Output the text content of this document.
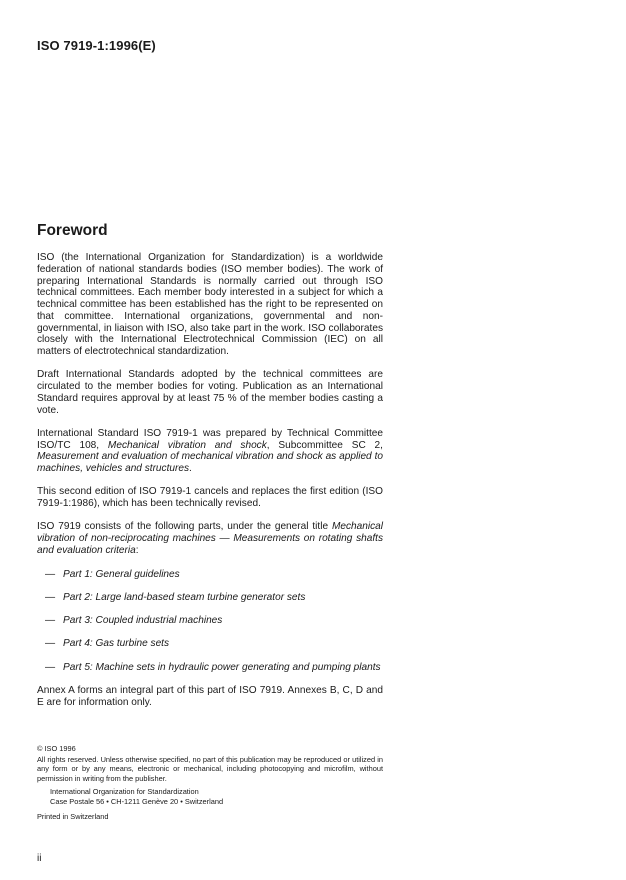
ISO 7919-1:1996(E)
Foreword

ISO (the International Organization for Standardization) is a worldwide federation of national standards bodies (ISO member bodies). The work of preparing International Standards is normally carried out through ISO technical committees. Each member body interested in a subject for which a technical committee has been established has the right to be represented on that committee. International organizations, governmental and non-governmental, in liaison with ISO, also take part in the work. ISO collaborates closely with the International Electrotechnical Commission (IEC) on all matters of electrotechnical standardization.

Draft International Standards adopted by the technical committees are circulated to the member bodies for voting. Publication as an International Standard requires approval by at least 75 % of the member bodies casting a vote.

International Standard ISO 7919-1 was prepared by Technical Committee ISO/TC 108, Mechanical vibration and shock, Subcommittee SC 2, Measurement and evaluation of mechanical vibration and shock as applied to machines, vehicles and structures.

This second edition of ISO 7919-1 cancels and replaces the first edition (ISO 7919-1:1986), which has been technically revised.

ISO 7919 consists of the following parts, under the general title Mechanical vibration of non-reciprocating machines — Measurements on rotating shafts and evaluation criteria:

— Part 1: General guidelines
— Part 2: Large land-based steam turbine generator sets
— Part 3: Coupled industrial machines
— Part 4: Gas turbine sets
— Part 5: Machine sets in hydraulic power generating and pumping plants

Annex A forms an integral part of this part of ISO 7919. Annexes B, C, D and E are for information only.

© ISO 1996
All rights reserved. Unless otherwise specified, no part of this publication may be reproduced or utilized in any form or by any means, electronic or mechanical, including photocopying and microfilm, without permission in writing from the publisher.
International Organization for Standardization
Case Postale 56 • CH-1211 Genève 20 • Switzerland
Printed in Switzerland
ii
